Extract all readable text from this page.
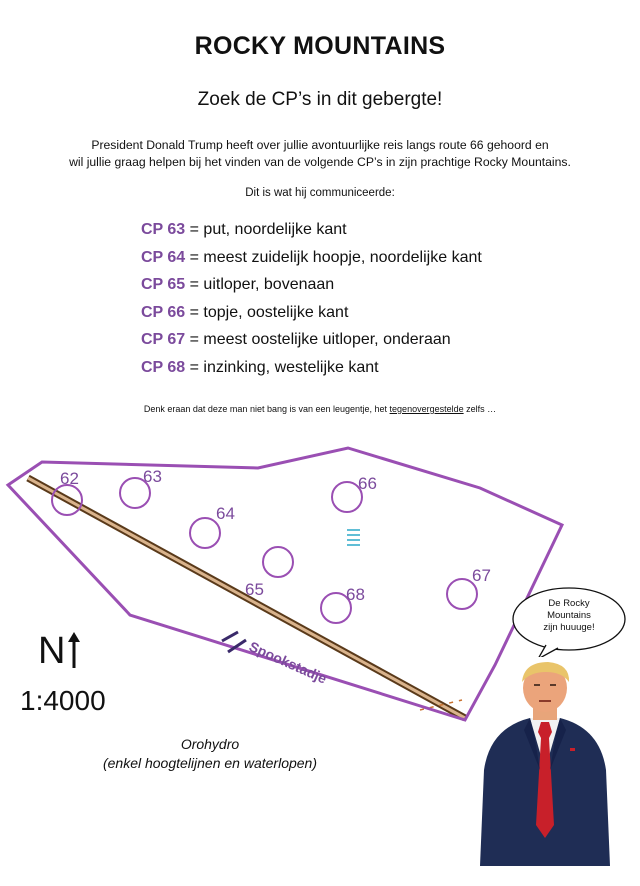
ROCKY MOUNTAINS
Zoek de CP’s in dit gebergte!
President Donald Trump heeft over jullie avontuurlijke reis langs route 66 gehoord en
wil jullie graag helpen bij het vinden van de volgende CP’s in zijn prachtige Rocky Mountains.
Dit is wat hij communiceerde:
CP 63 = put, noordelijke kant
CP 64 = meest zuidelijk hoopje, noordelijke kant
CP 65 = uitloper, bovenaan
CP 66 = topje, oostelijke kant
CP 67 = meest oostelijke uitloper, onderaan
CP 68 = inzinking, westelijke kant
Denk eraan dat deze man niet bang is van een leugentje, het tegenovergestelde zelfs …
62	63
64
65
66
67
68
Spookstadje
N
1:4000
Orohydro
(enkel hoogtelijnen en waterlopen)
De Rocky
Mountains
zijn huuuge!
